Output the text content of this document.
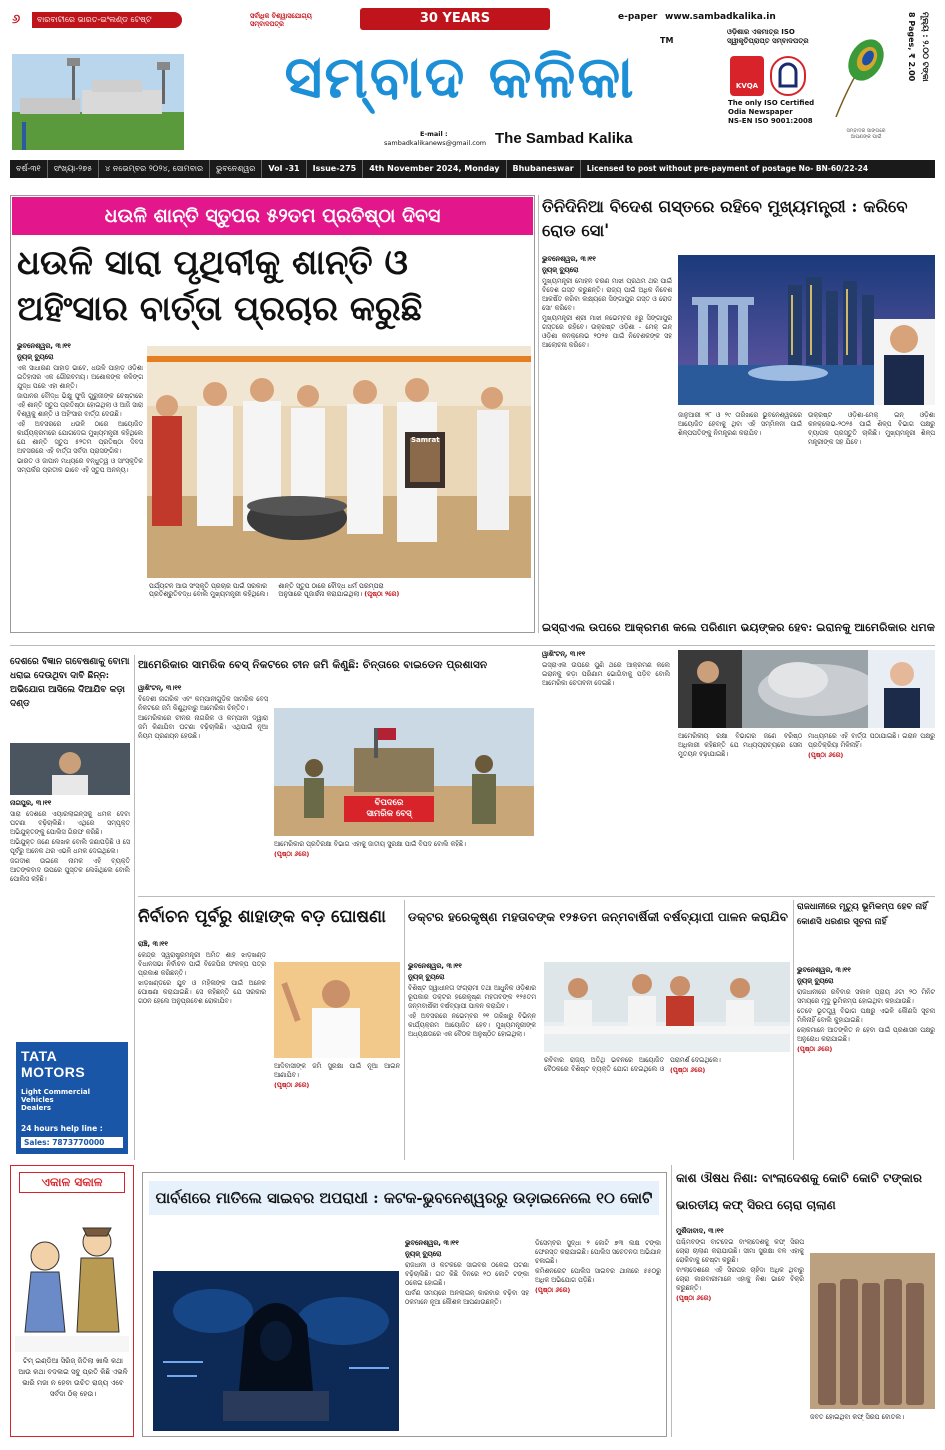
୬	ବାରବାଟୀରେ ଭାରତ-ଇଂଲଣ୍ଡ ଟେଷ୍ଟ	ସର୍ବାଧିକ ବିଶ୍ୱାସଯୋଗ୍ୟ ସମ୍ବାଦପତ୍ର	30 YEARS
ସମ୍ବାଦ କଳିକା
TM
E-mail :
sambadkalikanews@gmail.com The Sambad Kalika
e-paper www.sambadkalika.in
ଓଡ଼ିଶାର ଏକମାତ୍ର ISO ସ୍ୱୀକୃତିପ୍ରାପ୍ତ ସମ୍ବାଦପତ୍ର
KVQA
The only ISO Certified
Odia Newspaper
NS-EN ISO 9001:2008
ସମ୍ବାଦର ସାଙ୍ଗରେ ଆପଣଙ୍କ ପାଇଁ
ମୂଲ୍ୟ : ୨.୦୦ ଟଙ୍କା
8 Pages, ₹ 2.00
ବର୍ଷ-୩୧	ସଂଖ୍ୟା-୨୭୫	୪ ନଭେମ୍ବର ୨୦୨୪, ସୋମବାର	ଭୁବନେଶ୍ୱର	Vol -31	Issue-275	4th November 2024, Monday	Bhubaneswar	Licensed to post without pre-payment of postage No- BN-60/22-24
ଧଉଳି ଶାନ୍ତି ସ୍ତୁପର ୫୨ତମ ପ୍ରତିଷ୍ଠା ଦିବସ
ଧଉଳି ସାରା ପୃଥିବୀକୁ ଶାନ୍ତି ଓ ଅହିଂସାର ବାର୍ତ୍ତା ପ୍ରଚାର କରୁଛି
ଭୁବନେଶ୍ୱର, ୩।୧୧
ନ୍ୟୁଜ୍ ବ୍ୟୁରୋ
ଏକ ସାଧାରଣ ପାହାଡ଼ ଭାବେ, ଧଉଳି ପାହାଡ଼ ଓଡ଼ିଶା ଇତିହାସର ଏକ ଗୌରବମୟ। ଅଶୋକଙ୍କ କଳିଙ୍ଗ ଯୁଦ୍ଧ ପରେ ଏହା ଶାନ୍ତି।
ଜାପାନର ବୌଦ୍ଧ ଭିକ୍ଷୁ ଫୁଜି ଗୁରୁଜୀଙ୍କ ଚେଷ୍ଟାରେ ଏହି ଶାନ୍ତି ସ୍ତୁପ ପ୍ରତିଷ୍ଠା ହୋଇଥିଲା ଓ ଆଜି ସାରା ବିଶ୍ୱକୁ ଶାନ୍ତି ଓ ଅହିଂସାର ବାର୍ତ୍ତା ଦେଉଛି।
ଏହି ଅବସରରେ ଧଉଳି ଠାରେ ଆୟୋଜିତ କାର୍ଯ୍ୟକ୍ରମରେ ଯୋଗଦେଇ ମୁଖ୍ୟମନ୍ତ୍ରୀ କହିଥିଲେ ଯେ ଶାନ୍ତି ସ୍ତୁପ ୫୨ତମ ପ୍ରତିଷ୍ଠା ଦିବସ ଅବସରରେ ଏହି ବାର୍ତ୍ତା ସର୍ବଦା ପ୍ରାସଙ୍ଗିକ।
ଭାରତ ଓ ଜାପାନ ମଧ୍ୟରେ ବନ୍ଧୁତ୍ୱ ଓ ସାଂସ୍କୃତିକ ସମ୍ପର୍କର ପ୍ରତୀକ ଭାବେ ଏହି ସ୍ତୁପ ଅନନ୍ୟ।
Samrat
ପର୍ଯ୍ୟଟନ ଆଉ ସଂସ୍କୃତି ପ୍ରଚାର ପାଇଁ ସରକାର ପ୍ରତିଶ୍ରୁତିବଦ୍ଧ ବୋଲି ମୁଖ୍ୟମନ୍ତ୍ରୀ କହିଥିଲେ। ଶାନ୍ତି ସ୍ତୁପ ଠାରେ ବୌଦ୍ଧ ଧର୍ମ ପରମ୍ପରା ଅନୁସାରେ ପୂଜାର୍ଚ୍ଚନା କରାଯାଇଥିଲା। (ପୃଷ୍ଠା ୨ରେ)
ତିନିଦିନିଆ ବିଦେଶ ଗସ୍ତରେ ରହିବେ ମୁଖ୍ୟମନ୍ତ୍ରୀ : କରିବେ ରୋଡ ସୋ'
ଭୁବନେଶ୍ୱର, ୩।୧୧
ନ୍ୟୁଜ୍ ବ୍ୟୁରୋ
ମୁଖ୍ୟମନ୍ତ୍ରୀ ମୋହନ ଚରଣ ମାଝୀ ପ୍ରଥମ ଥର ପାଇଁ ବିଦେଶ ଗସ୍ତ କରୁଛନ୍ତି। ରାଜ୍ୟ ପାଇଁ ଅଧିକ ନିବେଶ ଆକର୍ଷିତ କରିବା ଲକ୍ଷ୍ୟରେ ସିଙ୍ଗାପୁର ଗସ୍ତ ଓ ରୋଡ ସୋ' କରିବେ।
ମୁଖ୍ୟମନ୍ତ୍ରୀ ଶ୍ରୀ ମାଝୀ ନଭେମ୍ବର ୫ରୁ ସିଙ୍ଗାପୁର ଗସ୍ତରେ ରହିବେ। ଉକ୍ରଷ୍ଟ ଓଡ଼ିଶା - ମେକ୍ ଇନ୍ ଓଡ଼ିଶା କନକ୍ଲେଭ ୨୦୨୫ ପାଇଁ ନିବେଶକଙ୍କ ସହ ଆଲୋଚନା କରିବେ।
ଜାନୁଆରୀ ୨୮ ଓ ୨୯ ତାରିଖରେ ଭୁବନେଶ୍ୱରରେ ଆୟୋଜିତ ହେବାକୁ ଥିବା ଏହି ସମ୍ମିଳନୀ ପାଇଁ ଶିଳ୍ପପତିଙ୍କୁ ନିମନ୍ତ୍ରଣ କରାଯିବ।
ଉକ୍ରଷ୍ଟ ଓଡ଼ିଶା-ମେକ୍ ଇନ୍ ଓଡ଼ିଶା କନକ୍ଲେଭ-୨୦୨୫ ପାଇଁ ଶିଳ୍ପ ବିଭାଗ ପକ୍ଷରୁ ବ୍ୟାପକ ପ୍ରସ୍ତୁତି ଚାଲିଛି। ମୁଖ୍ୟମନ୍ତ୍ରୀ ଶିଳ୍ପ ମନ୍ତ୍ରୀଙ୍କ ସହ ଯିବେ।
ଇସ୍ରାଏଲ ଉପରେ ଆକ୍ରମଣ କଲେ ପରିଣାମ ଭୟଙ୍କର ହେବ: ଇରାନକୁ ଆମେରିକାର ଧମକ
ୱାଶିଂଟନ୍, ୩।୧୧
ଇସ୍ରାଏଲ ଉପରେ ପୁଣି ଥରେ ଆକ୍ରମଣ କଲେ ଇରାନକୁ କଡ଼ା ପରିଣାମ ଭୋଗିବାକୁ ପଡ଼ିବ ବୋଲି ଆମେରିକା ଚେତାବନୀ ଦେଇଛି।
ଆମେରିକୀୟ ରକ୍ଷା ବିଭାଗର ଜଣେ ବରିଷ୍ଠ ଅଧିକାରୀ କହିଛନ୍ତି ଯେ ମଧ୍ୟପ୍ରାଚ୍ୟରେ ସେନା ମୁତୟନ ବଢ଼ାଯାଇଛି।
ମାଧ୍ୟମରେ ଏହି ବାର୍ତ୍ତା ପଠାଯାଇଛି। ଇରାନ ପକ୍ଷରୁ ପ୍ରତିକ୍ରିୟା ମିଳିନାହିଁ।
(ପୃଷ୍ଠା ୬ରେ)
ଦେଶରେ ବିଜ୍ଞାନ ଗବେଷଣାକୁ ବୋମା ଧରାଇ ଦେଉଥିବା ଦାବି ଛିନ୍ନ: ଅଭିଯୋଗ ଆସିଲେ ଦିଆଯିବ କଡ଼ା ଦଣ୍ଡ
ନାଗପୁର, ୩।୧୧
ସାରା ଦେଶରେ ଏୟାରଲାଇନ୍ସକୁ ଧମକ ଦେବା ଘଟଣା ବଢ଼ିଚାଲିଛି। ଏଥିରେ ସମ୍ପୃକ୍ତ ଅଭିଯୁକ୍ତଙ୍କୁ ପୋଲିସ ଗିରଫ କରିଛି।
ଅଭିଯୁକ୍ତ ଜଣେ ଲେଖକ ବୋଲି ଜଣାପଡ଼ିଛି ଓ ସେ ପୂର୍ବରୁ ଅନେକ ଥର ଏଭଳି ଧମକ ଦେଇଥିଲେ।
ଜଗଦୀଶ ଉଇକେ ନାମକ ଏହି ବ୍ୟକ୍ତି ଆତଙ୍କବାଦ ଉପରେ ପୁସ୍ତକ ଲେଖିଥିଲେ ବୋଲି ପୋଲିସ କହିଛି।
TATA MOTORS
Light Commercial Vehicles
Dealers
24 hours help line :
Sales: 7873770000
ଆମେରିକାର ସାମରିକ ବେସ୍ ନିକଟରେ ଚୀନ ଜମି କିଣୁଛି: ଚିନ୍ତାରେ ବାଇଡେନ ପ୍ରଶାସନ
ୱାଶିଂଟନ୍, ୩।୧୧
ବିଦେଶୀ ନାଗରିକ ଏବଂ କମ୍ପାନୀଗୁଡ଼ିକ ସାମରିକ ବେସ୍ ନିକଟରେ ଜମି କିଣୁଥିବାରୁ ଆମେରିକା ଚିନ୍ତିତ।
ଆମେରିକାରେ ଚୀନର ନାଗରିକ ଓ କମ୍ପାନୀ ଦ୍ୱାରା ଜମି କିଣାଯିବା ଘଟଣା ବଢ଼ିଚାଲିଛି। ଏଥିପାଇଁ ନୂଆ ନିୟମ ପ୍ରଣୟନ ହେଉଛି।
ବିପଦରେ
ସାମରିକ ବେସ୍
ଆମେରିକାର ପ୍ରତିରକ୍ଷା ବିଭାଗ ଏହାକୁ ଜାତୀୟ ସୁରକ୍ଷା ପାଇଁ ବିପଦ ବୋଲି କହିଛି।
(ପୃଷ୍ଠା ୬ରେ)
ନିର୍ବାଚନ ପୂର୍ବରୁ ଶାହାଙ୍କ ବଡ଼ ଘୋଷଣା
ରାଞ୍ଚି, ୩।୧୧
କେନ୍ଦ୍ର ସ୍ୱରାଷ୍ଟ୍ରମନ୍ତ୍ରୀ ଅମିତ ଶାହ ଝାଡ଼ଖଣ୍ଡ ବିଧାନସଭା ନିର୍ବାଚନ ପାଇଁ ବିଜେପିର ସଂକଳ୍ପ ପତ୍ର ପ୍ରକାଶ କରିଛନ୍ତି।
ଝାଡ଼ଖଣ୍ଡରେ ଯୁବ ଓ ମହିଳାଙ୍କ ପାଇଁ ଅନେକ ଘୋଷଣା କରାଯାଇଛି। ସେ କହିଛନ୍ତି ଯେ ସରକାର ଗଠନ ହେଲେ ଅନୁପ୍ରବେଶ ରୋକାଯିବ।
ଆଦିବାସୀଙ୍କ ଜମି ସୁରକ୍ଷା ପାଇଁ ନୂଆ ଆଇନ ଆଣାଯିବ।
(ପୃଷ୍ଠା ୬ରେ)
ଡକ୍ଟର ହରେକୃଷ୍ଣ ମହତାବଙ୍କ ୧୨୫ତମ ଜନ୍ମବାର୍ଷିକୀ ବର୍ଷବ୍ୟାପୀ ପାଳନ କରାଯିବ
ଭୁବନେଶ୍ୱର, ୩।୧୧
ନ୍ୟୁଜ୍ ବ୍ୟୁରୋ
ବିଶିଷ୍ଟ ସ୍ୱାଧୀନତା ସଂଗ୍ରାମୀ ତଥା ଆଧୁନିକ ଓଡ଼ିଶାର ରୂପକାର ଡକ୍ଟର ହରେକୃଷ୍ଣ ମହତାବଙ୍କ ୧୨୫ତମ ଜନ୍ମବାର୍ଷିକୀ ବର୍ଷବ୍ୟାପୀ ପାଳନ କରାଯିବ।
ଏହି ଅବସରରେ ନଭେମ୍ବର ୨୧ ତାରିଖରୁ ବିଭିନ୍ନ କାର୍ଯ୍ୟକ୍ରମ ଆୟୋଜିତ ହେବ। ମୁଖ୍ୟମନ୍ତ୍ରୀଙ୍କ ଅଧ୍ୟକ୍ଷତାରେ ଏକ ବୈଠକ ଅନୁଷ୍ଠିତ ହୋଇଥିଲା।
ରବିବାର ରାଜ୍ୟ ଅତିଥି ଭବନରେ ଆୟୋଜିତ ବୈଠକରେ ବିଶିଷ୍ଟ ବ୍ୟକ୍ତି ଯୋଗ ଦେଇଥିଲେ ଓ ପରାମର୍ଶ ଦେଇଥିଲେ।
(ପୃଷ୍ଠା ୬ରେ)
ରାଜଧାନୀରେ ମୃତ୍ୟୁ ଭୂମିକମ୍ପ ହେବ ନାହିଁ କୋଣସି ଧରଣର ସୂଚନା ନାହିଁ
ଭୁବନେଶ୍ୱର, ୩।୧୧
ନ୍ୟୁଜ୍ ବ୍ୟୁରୋ
ରାଜଧାନୀରେ ରବିବାର ସକାଳ ପ୍ରାୟ ୬ଟା ୨୦ ମିନିଟ ସମୟରେ ମୃଦୁ ଭୂମିକମ୍ପ ହୋଇଥିବା କହାଯାଉଛି।
ତେବେ ଭୂତତ୍ତ୍ୱ ବିଭାଗ ପକ୍ଷରୁ ଏଭଳି କୌଣସି ସୂଚନା ମିଳିନାହିଁ ବୋଲି କୁହାଯାଇଛି।
ଲୋକମାନେ ଆତଙ୍କିତ ନ ହେବା ପାଇଁ ପ୍ରଶାସନ ପକ୍ଷରୁ ଅନୁରୋଧ କରାଯାଇଛି।
(ପୃଷ୍ଠା ୬ରେ)
ଏକାଳ ସକାଳ
ଟିମ୍ ଇଣ୍ଡିଆ ସିରିଜ୍ ଜିତିଲା ଖାଲି କଥା ଆଉ କଥା ବଦଳାଇ ସବୁ ପ୍ରତି କିଛି ଏଭଳି ଭାରି ମଜା ନ ହେବା ଉଚିତ ରାଜ୍ୟ ଏବେ ସର୍ବଦା ଠିକ୍ ହେଉ।
ପାର୍ବଣରେ ମାତିଲେ ସାଇବର ଅପରାଧୀ : କଟକ-ଭୁବନେଶ୍ୱରରୁ ଉଡ଼ାଇନେଲେ ୧୦ କୋଟି
ଭୁବନେଶ୍ୱର, ୩।୧୧
ନ୍ୟୁଜ୍ ବ୍ୟୁରୋ
ରାଜଧାନୀ ଓ କଟକରେ ସାଇବର ଠକେଇ ଘଟଣା ବଢ଼ିଚାଲିଛି। ଗତ କିଛି ଦିନରେ ୧୦ କୋଟି ଟଙ୍କା ଠକେଇ ହୋଇଛି।
ପାର୍ବଣ ସମୟରେ ଅନଲାଇନ୍ କାରବାର ବଢ଼ିବା ସହ ଠକମାନେ ନୂଆ କୌଶଳ ଆପଣାଉଛନ୍ତି।
ଡିସେମ୍ବର ସୁଦ୍ଧା ୨ କୋଟି ୭୩ ଲକ୍ଷ ଟଙ୍କା ଫେରସ୍ତ କରାଯାଇଛି। ପୋଲିସ ସଚେତନତା ଅଭିଯାନ ଚଳାଇଛି।
କମିଶନରେଟ ପୋଲିସ ସାଇବର ଥାନାରେ ୫୫୦ରୁ ଅଧିକ ଅଭିଯୋଗ ପଡ଼ିଛି।
(ପୃଷ୍ଠା ୬ରେ)
କାଶ ଔଷଧ ନିଶା: ବାଂଲାଦେଶକୁ କୋଟି କୋଟି ଟଙ୍କାର ଭାରତୀୟ କଫ୍ ସିରପ ଚୋରା ଚାଲାଣ
ମୁର୍ଶିଦାବାଦ, ୩।୧୧
ପଶ୍ଚିମବଙ୍ଗ ବାଟଦେଇ ବାଂଲାଦେଶକୁ କଫ୍ ସିରପ ଚୋରା ଚାଲାଣ କରାଯାଉଛି। ସୀମା ସୁରକ୍ଷା ବଳ ଏହାକୁ ରୋକିବାକୁ ଚେଷ୍ଟା କରୁଛି।
ବାଂଲାଦେଶରେ ଏହି ସିରପର ଚାହିଦା ଅଧିକ ଥିବାରୁ ଚୋରା କାରବାରୀମାନେ ଏହାକୁ ନିଶା ଭାବେ ବିକ୍ରି କରୁଛନ୍ତି।
(ପୃଷ୍ଠା ୬ରେ)
ଜବତ ହୋଇଥିବା କଫ୍ ସିରପ ବୋତଲ।
